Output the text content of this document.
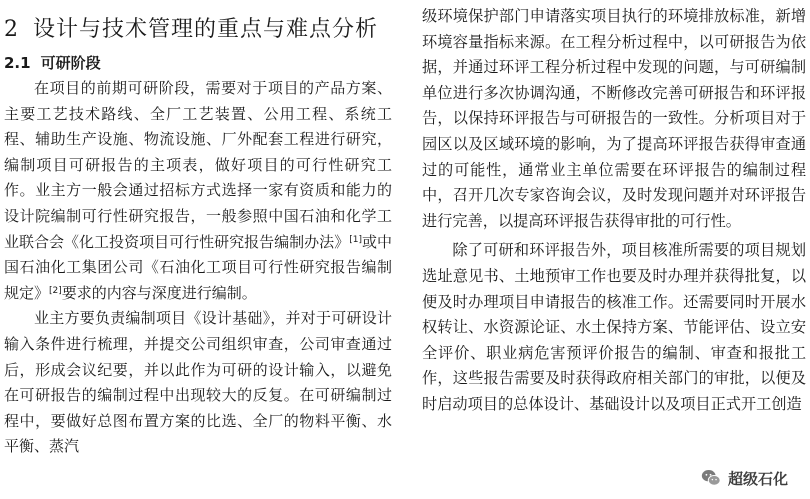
2 设计与技术管理的重点与难点分析
2.1 可研阶段

在项目的前期可研阶段，需要对于项目的产品方案、主要工艺技术路线、全厂工艺装置、公用工程、系统工程、辅助生产设施、物流设施、厂外配套工程进行研究，编制项目可研报告的主项表，做好项目的可行性研究工作。业主方一般会通过招标方式选择一家有资质和能力的设计院编制可行性研究报告，一般参照中国石油和化学工业联合会《化工投资项目可行性研究报告编制办法》[1]或中国石油化工集团公司《石油化工项目可行性研究报告编制规定》[2]要求的内容与深度进行编制。

业主方要负责编制项目《设计基础》，并对于可研设计输入条件进行梳理，并提交公司组织审查，公司审查通过后，形成会议纪要，并以此作为可研的设计输入，以避免在可研报告的编制过程中出现较大的反复。在可研编制过程中，要做好总图布置方案的比选、全厂的物料平衡、水平衡、蒸汽

级环境保护部门申请落实项目执行的环境排放标准，新增环境容量指标来源。在工程分析过程中，以可研报告为依据，并通过环评工程分析过程中发现的问题，与可研编制单位进行多次协调沟通，不断修改完善可研报告和环评报告，以保持环评报告与可研报告的一致性。分析项目对于园区以及区域环境的影响，为了提高环评报告获得审查通过的可能性，通常业主单位需要在环评报告的编制过程中，召开几次专家咨询会议，及时发现问题并对环评报告进行完善，以提高环评报告获得审批的可行性。

除了可研和环评报告外，项目核准所需要的项目规划选址意见书、土地预审工作也要及时办理并获得批复，以便及时办理项目申请报告的核准工作。还需要同时开展水权转让、水资源论证、水土保持方案、节能评估、设立安全评价、职业病危害预评价报告的编制、审查和报批工作，这些报告需要及时获得政府相关部门的审批，以便及时启动项目的总体设计、基础设计以及项目正式开工创造

超级石化
